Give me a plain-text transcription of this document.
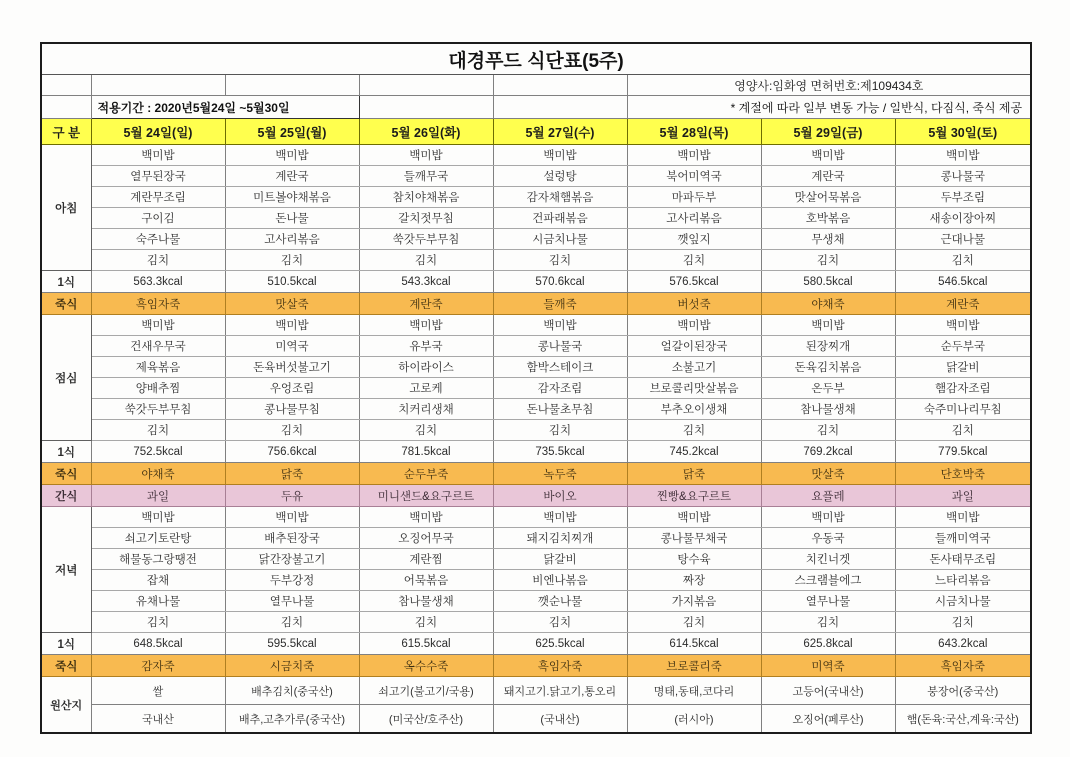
대경푸드 식단표(5주)							
					영양사:임화영 면허번호:제109434호		
	적용기간 : 2020년5월24일 ~5월30일				* 계절에 따라 일부 변동 가능 / 일반식, 다짐식, 죽식 제공		
구 분	5월 24일(일)	5월 25일(월)	5월 26일(화)	5월 27일(수)	5월 28일(목)	5월 29일(금)	5월 30일(토)
아침	백미밥	백미밥	백미밥	백미밥	백미밥	백미밥	백미밥
	열무된장국	계란국	들깨무국	설렁탕	북어미역국	계란국	콩나물국
	계란무조림	미트볼야채볶음	참치야채볶음	감자채햄볶음	마파두부	맛살어묵볶음	두부조림
	구이김	돈나물	갈치젓무침	건파래볶음	고사리볶음	호박볶음	새송이장아찌
	숙주나물	고사리볶음	쑥갓두부무침	시금치나물	깻잎지	무생채	근대나물
	김치	김치	김치	김치	김치	김치	김치
1식	563.3kcal	510.5kcal	543.3kcal	570.6kcal	576.5kcal	580.5kcal	546.5kcal
죽식	흑임자죽	맛살죽	계란죽	들깨죽	버섯죽	야채죽	계란죽
점심	백미밥	백미밥	백미밥	백미밥	백미밥	백미밥	백미밥
	건새우무국	미역국	유부국	콩나물국	얼갈이된장국	된장찌개	순두부국
	제육볶음	돈육버섯불고기	하이라이스	함박스테이크	소불고기	돈육김치볶음	닭갈비
	양배추찜	우엉조림	고로케	감자조림	브로콜리맛살볶음	온두부	햄감자조림
	쑥갓두부무침	콩나물무침	치커리생채	돈나물초무침	부추오이생채	참나물생채	숙주미나리무침
	김치	김치	김치	김치	김치	김치	김치
1식	752.5kcal	756.6kcal	781.5kcal	735.5kcal	745.2kcal	769.2kcal	779.5kcal
죽식	야채죽	닭죽	순두부죽	녹두죽	닭죽	맛살죽	단호박죽
간식	과일	두유	미니샌드&요구르트	바이오	찐빵&요구르트	요플레	과일
저녁	백미밥	백미밥	백미밥	백미밥	백미밥	백미밥	백미밥
	쇠고기토란탕	배추된장국	오징어무국	돼지김치찌개	콩나물무채국	우동국	들깨미역국
	해물동그랑땡전	닭간장불고기	계란찜	닭갈비	탕수육	치킨너겟	돈사태무조림
	잡채	두부강정	어묵볶음	비엔나볶음	짜장	스크램블에그	느타리볶음
	유채나물	열무나물	참나물생채	깻순나물	가지볶음	열무나물	시금치나물
	김치	김치	김치	김치	김치	김치	김치
1식	648.5kcal	595.5kcal	615.5kcal	625.5kcal	614.5kcal	625.8kcal	643.2kcal
죽식	감자죽	시금치죽	옥수수죽	흑임자죽	브로콜리죽	미역죽	흑임자죽
원산지	쌀	배추김치(중국산)	쇠고기(불고기/국용)	돼지고기.닭고기,통오리	명태,동태,코다리	고등어(국내산)	붕장어(중국산)
	국내산	배추,고추가루(중국산)	(미국산/호주산)	(국내산)	(러시아)	오징어(페루산)	햄(돈육:국산,계육:국산)
